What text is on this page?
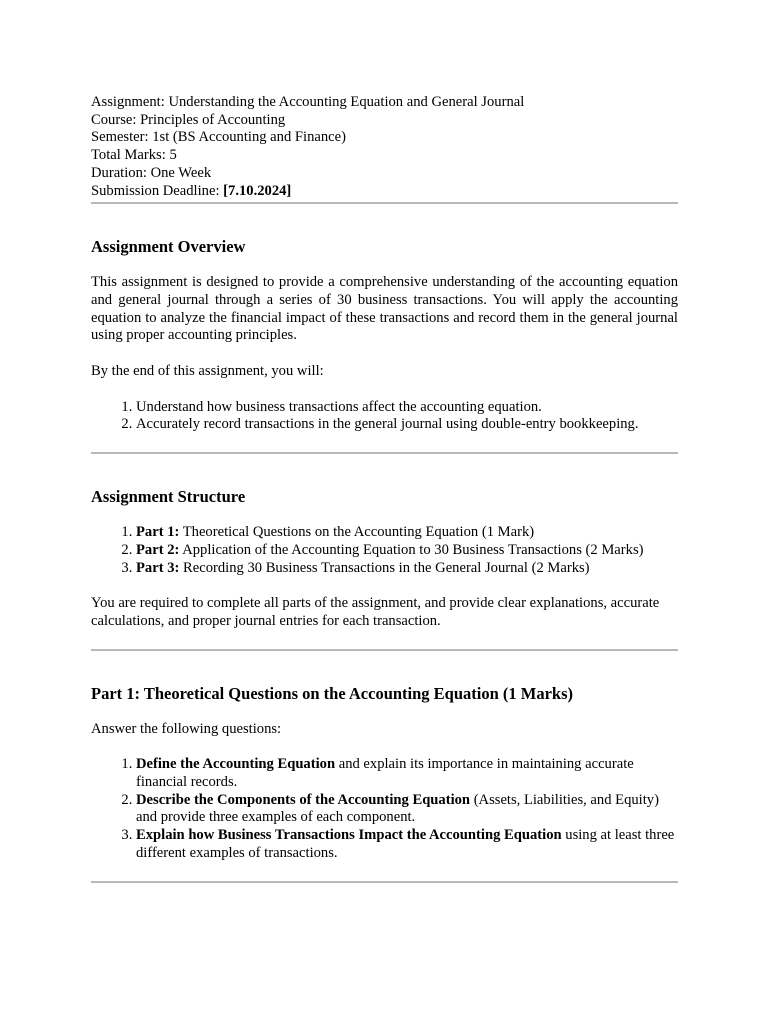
Assignment: Understanding the Accounting Equation and General Journal

Course: Principles of Accounting

Semester: 1st (BS Accounting and Finance)

Total Marks: 5

Duration: One Week

Submission Deadline: [7.10.2024]

Assignment Overview

This assignment is designed to provide a comprehensive understanding of the accounting equation and general journal through a series of 30 business transactions. You will apply the accounting equation to analyze the financial impact of these transactions and record them in the general journal using proper accounting principles.

By the end of this assignment, you will:

1. Understand how business transactions affect the accounting equation.
2. Accurately record transactions in the general journal using double-entry bookkeeping.
Assignment Structure
1. Part 1: Theoretical Questions on the Accounting Equation (1 Mark)
2. Part 2: Application of the Accounting Equation to 30 Business Transactions (2 Marks)
3. Part 3: Recording 30 Business Transactions in the General Journal (2 Marks)

You are required to complete all parts of the assignment, and provide clear explanations, accurate calculations, and proper journal entries for each transaction.

Part 1: Theoretical Questions on the Accounting Equation (1 Marks)

Answer the following questions:

1. Define the Accounting Equation and explain its importance in maintaining accurate financial records.
2. Describe the Components of the Accounting Equation (Assets, Liabilities, and Equity) and provide three examples of each component.
3. Explain how Business Transactions Impact the Accounting Equation using at least three different examples of transactions.
